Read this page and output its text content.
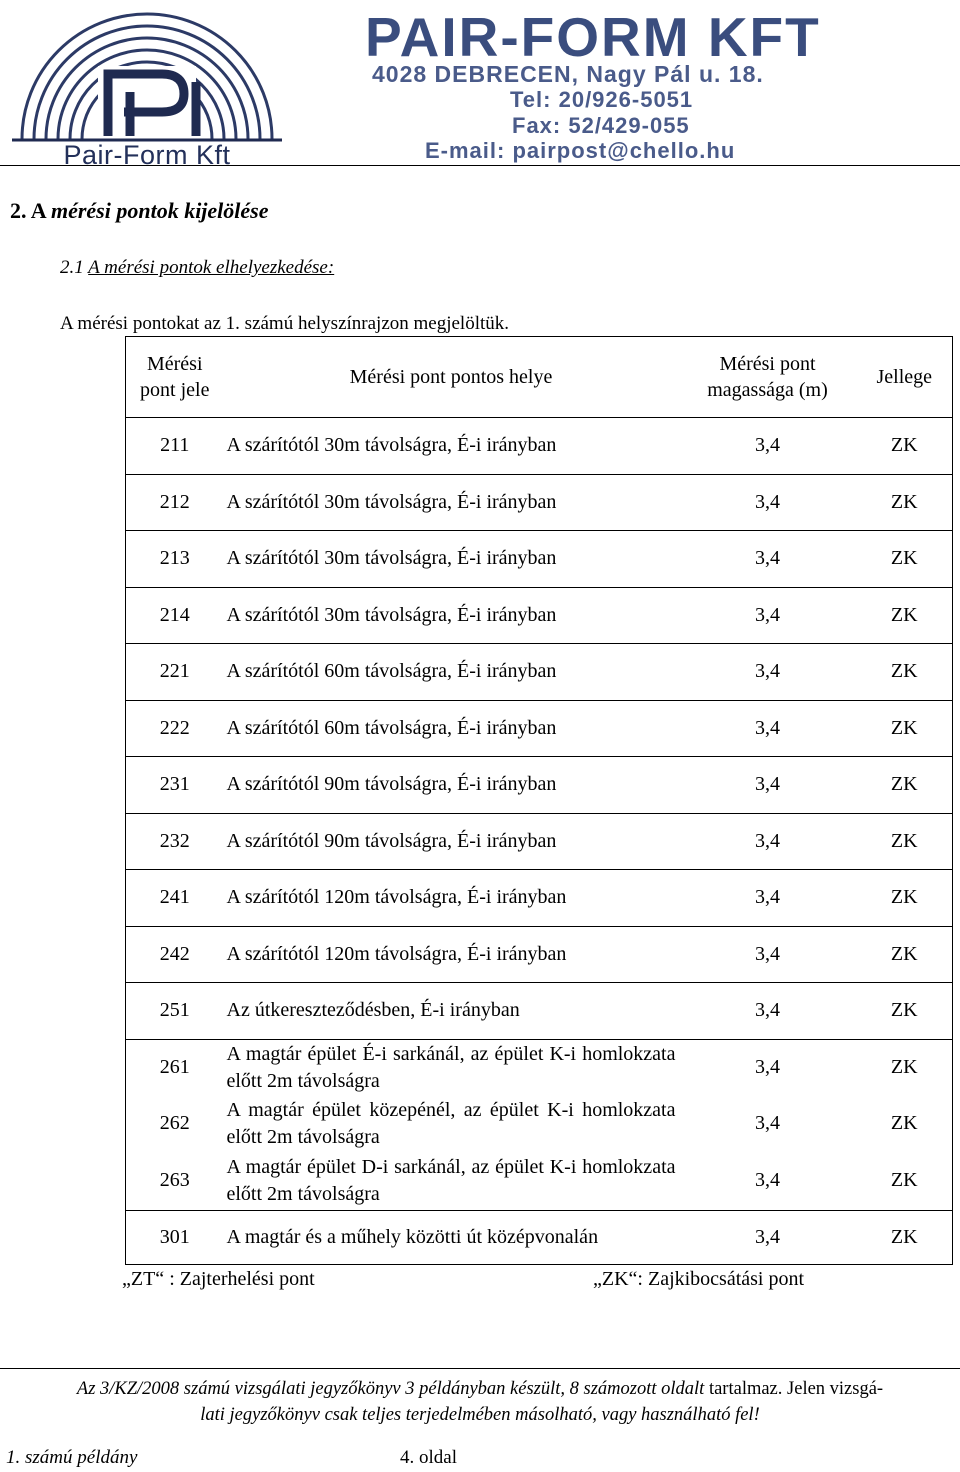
Pair-Form Kft
PAIR-FORM KFT
4028 DEBRECEN, Nagy Pál u. 18.
Tel: 20/926-5051
Fax: 52/429-055
E-mail: pairpost@chello.hu
2. A mérési pontok kijelölése
2.1 A mérési pontok elhelyezkedése:
A mérési pontokat az 1. számú helyszínrajzon megjelöltük.
Mérési pont jele	Mérési pont pontos helye	Mérési pont magassága (m)	Jellege
211	A szárítótól 30m távolságra, É-i irányban	3,4	ZK
212	A szárítótól 30m távolságra, É-i irányban	3,4	ZK
213	A szárítótól 30m távolságra, É-i irányban	3,4	ZK
214	A szárítótól 30m távolságra, É-i irányban	3,4	ZK
221	A szárítótól 60m távolságra, É-i irányban	3,4	ZK
222	A szárítótól 60m távolságra, É-i irányban	3,4	ZK
231	A szárítótól 90m távolságra, É-i irányban	3,4	ZK
232	A szárítótól 90m távolságra, É-i irányban	3,4	ZK
241	A szárítótól 120m távolságra, É-i irányban	3,4	ZK
242	A szárítótól 120m távolságra, É-i irányban	3,4	ZK
251	Az útkereszteződésben, É-i irányban	3,4	ZK
261	A magtár épület É-i sarkánál, az épület K-i homlokzata előtt 2m távolságra	3,4	ZK
262	A magtár épület közepénél, az épület K-i homlokzata előtt 2m távolságra	3,4	ZK
263	A magtár épület D-i sarkánál, az épület K-i homlokzata előtt 2m távolságra	3,4	ZK
301	A magtár és a műhely közötti út középvonalán	3,4	ZK
„ZT“ : Zajterhelési pont	„ZK“: Zajkibocsátási pont
Az 3/KZ/2008 számú vizsgálati jegyzőkönyv 3 példányban készült, 8 számozott oldalt tartalmaz. Jelen vizsgá-
lati jegyzőkönyv csak teljes terjedelmében másolható, vagy használható fel!
1. számú példány	4. oldal
